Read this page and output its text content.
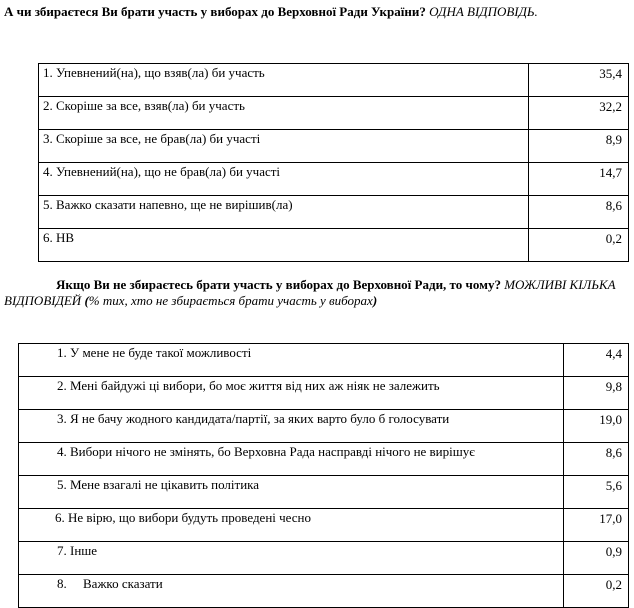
А чи збираєтеся Ви брати участь у виборах до Верховної Ради України? ОДНА ВІДПОВІДЬ.
1. Упевнений(на), що взяв(ла) би участь	35,4
2. Скоріше за все, взяв(ла) би участь	32,2
3. Скоріше за все, не брав(ла) би участі	8,9
4. Упевнений(на), що не брав(ла) би участі	14,7
5. Важко сказати напевно, ще не вирішив(ла)	8,6
6. НВ	0,2
Якщо Ви не збираєтесь брати участь у виборах до Верховної Ради, то чому? МОЖЛИВІ КІЛЬКА ВІДПОВІДЕЙ (% тих, хто не збирається брати участь у виборах)
1. У мене не буде такої можливості	4,4
2. Мені байдужі ці вибори, бо моє життя від них аж ніяк не залежить	9,8
3. Я не бачу жодного кандидата/партії, за яких варто було б голосувати	19,0
4. Вибори нічого не змінять, бо Верховна Рада насправді нічого не вирішує	8,6
5. Мене взагалі не цікавить політика	5,6
6. Не вірю, що вибори будуть проведені чесно	17,0
7. Інше	0,9
8.     Важко сказати	0,2
